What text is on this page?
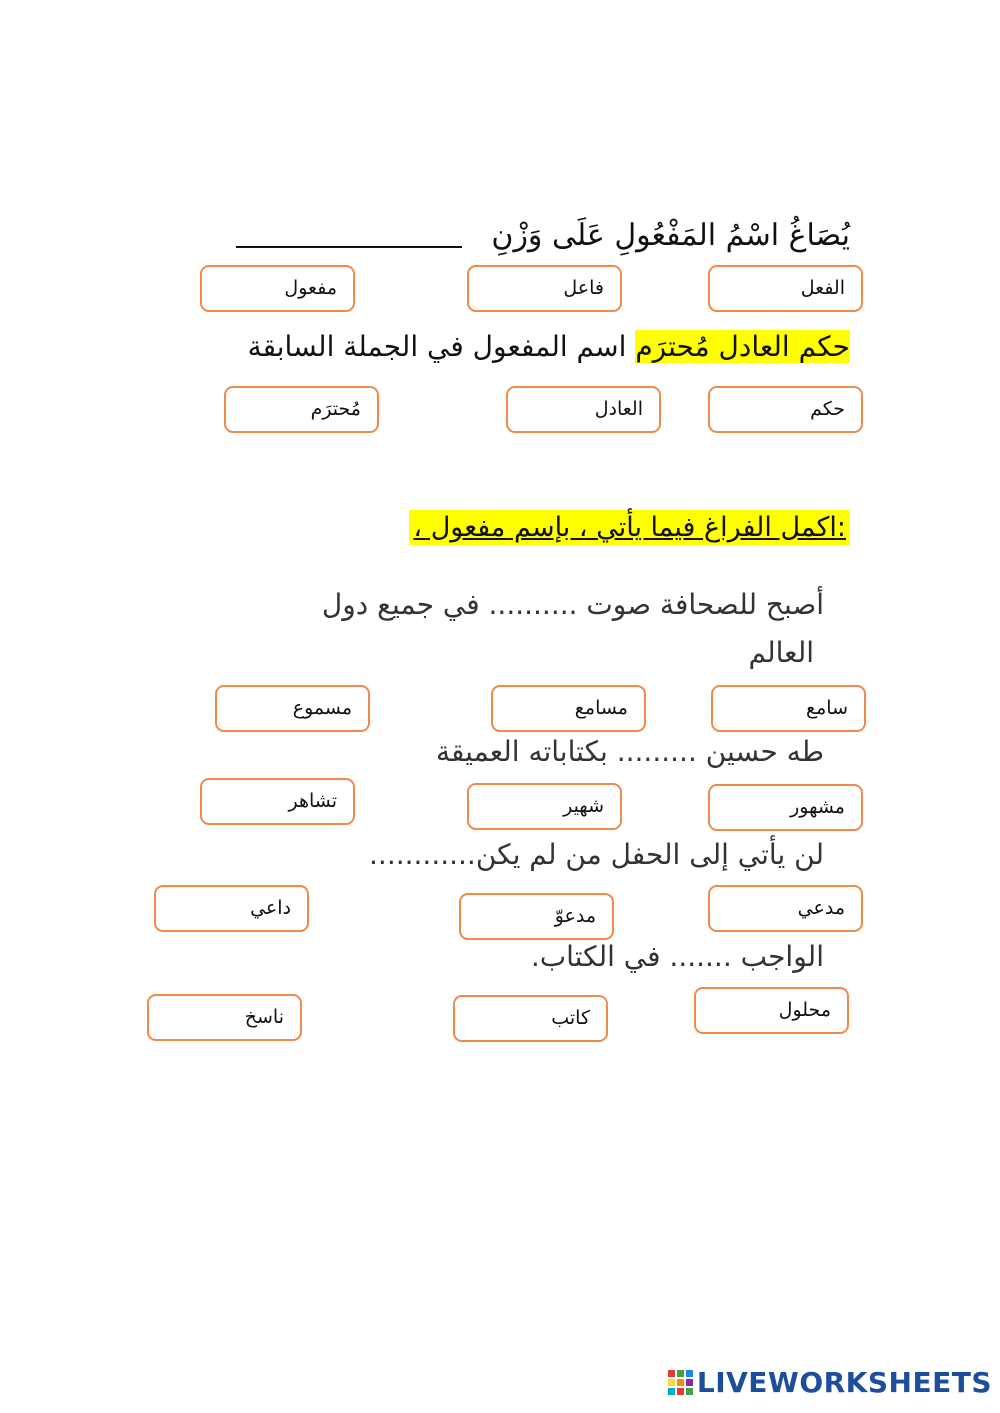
يُصَاغُ اسْمُ المَفْعُولِ عَلَى وَزْنِ
الفعل
فاعل
مفعول
حكم العادل مُحترَم اسم المفعول في الجملة السابقة
حكم
العادل
مُحترَم
:اكمل الفراغ فيما يأتي ، بإسم مفعول ،
أصبح للصحافة صوت .......... في جميع دول
العالم
سامع
مسامع
مسموع
طه حسين ......... بكتاباته العميقة
مشهور
شهير
تشاهر
لن يأتي إلى الحفل من لم يكن............
مدعي
مدعوّ
داعي
الواجب ....... في الكتاب.
محلول
كاتب
ناسخ
LIVEWORKSHEETS
